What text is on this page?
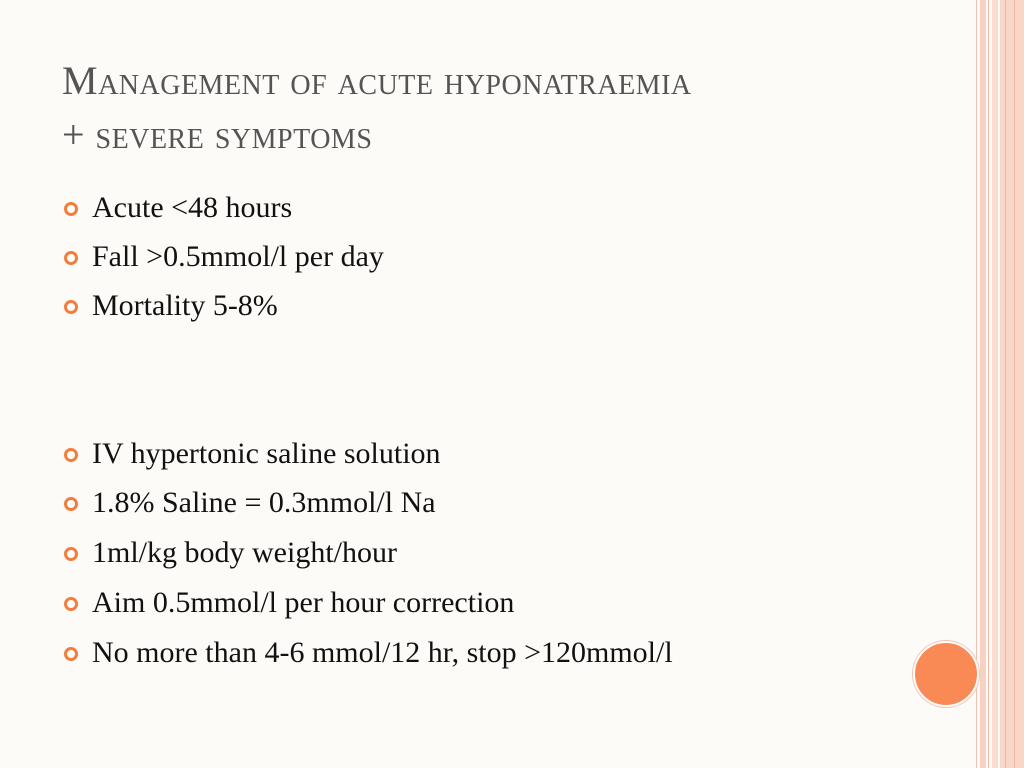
Management of acute hyponatraemia
+ severe symptoms
Acute <48 hours
Fall >0.5mmol/l per day
Mortality 5-8%
IV hypertonic saline solution
1.8% Saline = 0.3mmol/l Na
1ml/kg body weight/hour
Aim 0.5mmol/l per hour correction
No more than 4-6 mmol/12 hr, stop >120mmol/l
